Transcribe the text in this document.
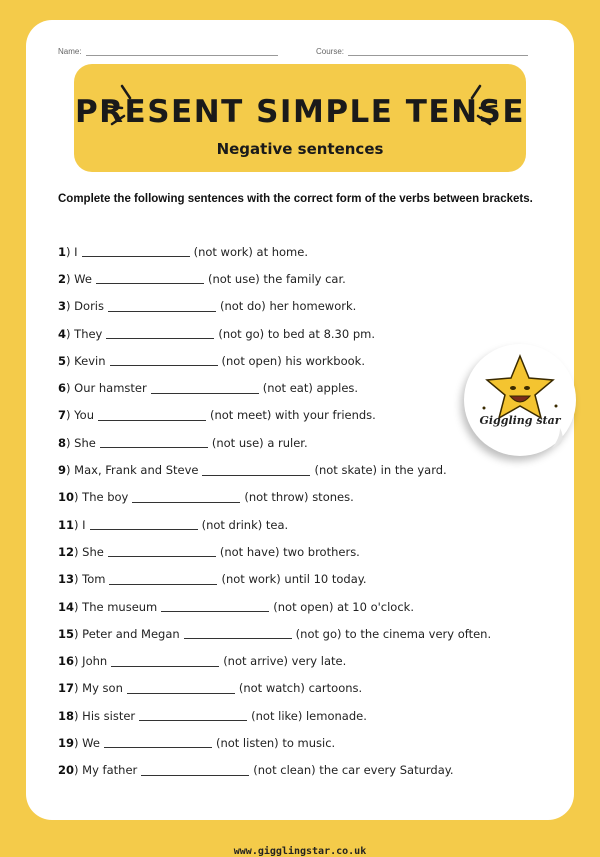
Name:	Course:
PRESENT SIMPLE TENSE
Negative sentences
Complete the following sentences with the correct form of the verbs between brackets.
1 ) I	(not work) at home.
2 ) We	(not use) the family car.
3 ) Doris	(not do) her homework.
4 ) They	(not go) to bed at 8.30 pm.
5 ) Kevin	(not open) his workbook.
6 ) Our hamster	(not eat) apples.
7 ) You	(not meet) with your friends.
8 ) She	(not use) a ruler.
9 ) Max, Frank and Steve	(not skate) in the yard.
10 ) The boy	(not throw) stones.
11 ) I	(not drink) tea.
12 ) She	(not have) two brothers.
13 ) Tom	(not work) until 10 today.
14 ) The museum	(not open) at 10 o'clock.
15 ) Peter and Megan	(not go) to the cinema very often.
16 ) John	(not arrive) very late.
17 ) My son	(not watch) cartoons.
18 ) His sister	(not like) lemonade.
19 ) We	(not listen) to music.
20 ) My father	(not clean) the car every Saturday.
www.gigglingstar.co.uk
Giggling star
